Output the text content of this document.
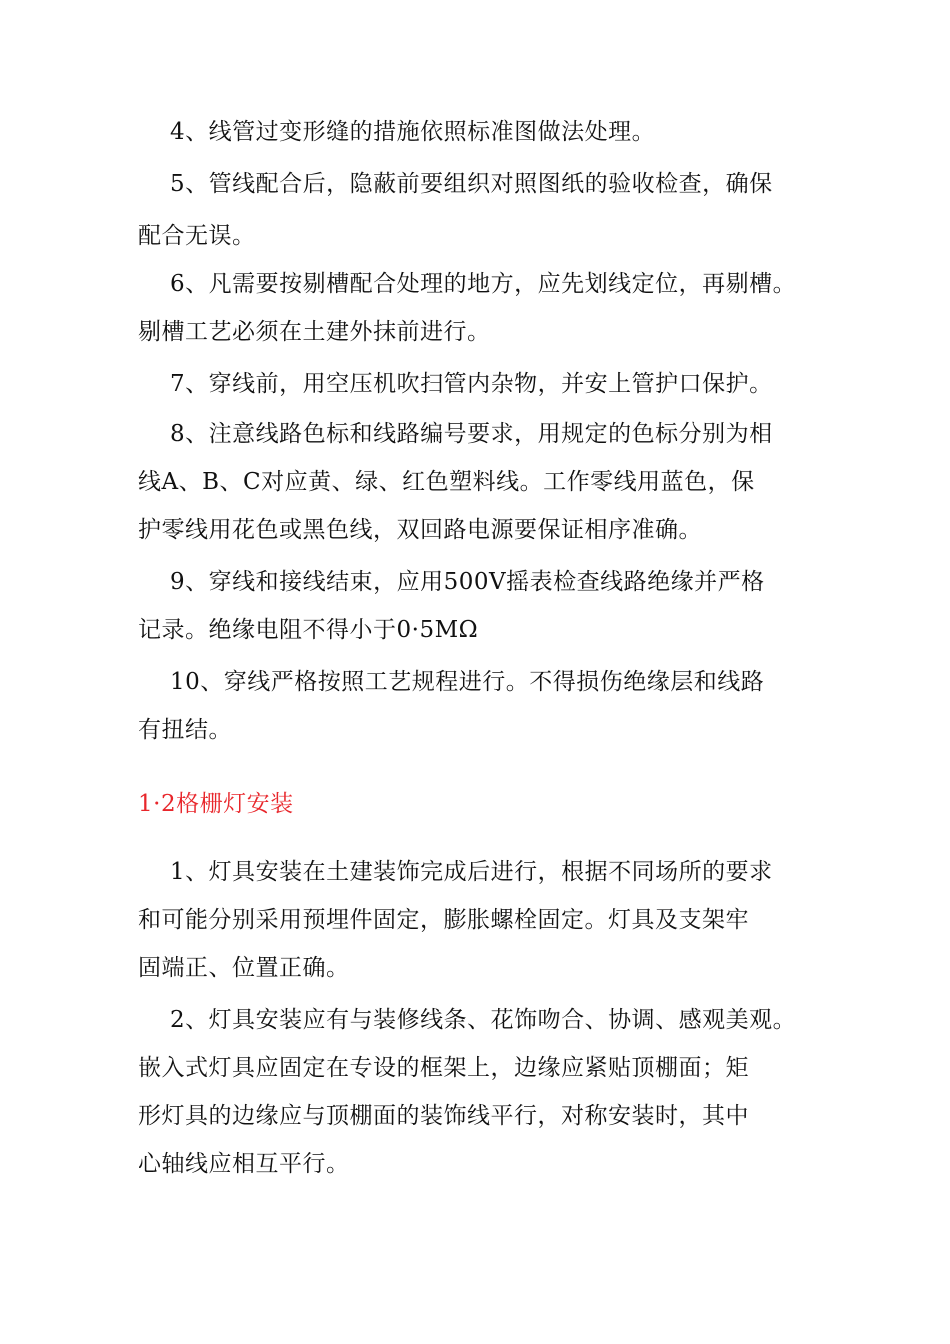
4、线管过变形缝的措施依照标准图做法处理。
5、管线配合后，隐蔽前要组织对照图纸的验收检查，确保
配合无误。
6、凡需要按剔槽配合处理的地方，应先划线定位，再剔槽。
剔槽工艺必须在土建外抹前进行。
7、穿线前，用空压机吹扫管内杂物，并安上管护口保护。
8、注意线路色标和线路编号要求，用规定的色标分别为相
线A、B、C对应黄、绿、红色塑料线。工作零线用蓝色，保
护零线用花色或黑色线，双回路电源要保证相序准确。
9、穿线和接线结束，应用500V摇表检查线路绝缘并严格
记录。绝缘电阻不得小于0·5MΩ
10、穿线严格按照工艺规程进行。不得损伤绝缘层和线路
有扭结。
1·2格栅灯安装
1、灯具安装在土建装饰完成后进行，根据不同场所的要求
和可能分别采用预埋件固定，膨胀螺栓固定。灯具及支架牢
固端正、位置正确。
2、灯具安装应有与装修线条、花饰吻合、协调、感观美观。
嵌入式灯具应固定在专设的框架上，边缘应紧贴顶棚面；矩
形灯具的边缘应与顶棚面的装饰线平行，对称安装时，其中
心轴线应相互平行。
